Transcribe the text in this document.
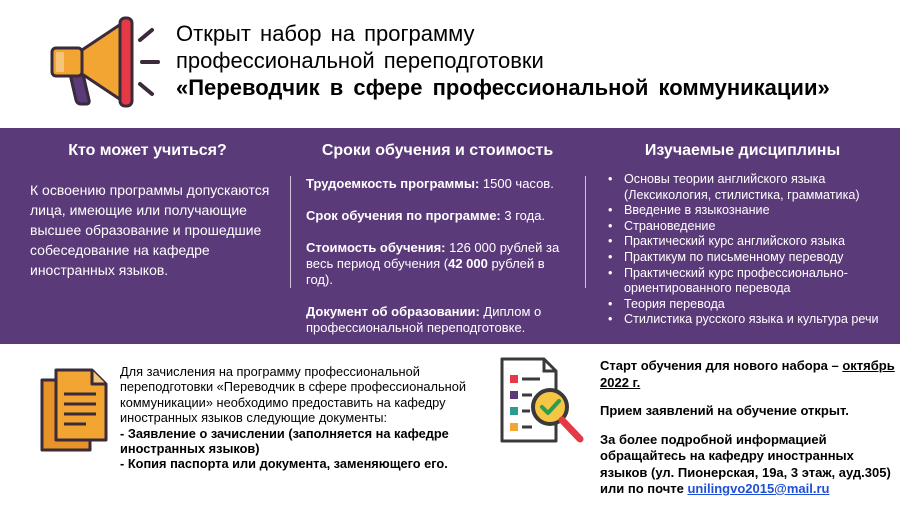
Открыт набор на программу
профессиональной переподготовки
«Переводчик в сфере профессиональной коммуникации»
Кто может учиться?	Сроки обучения и стоимость	Изучаемые дисциплины
К освоению программы допускаются лица, имеющие или получающие высшее образование и прошедшие собеседование на кафедре иностранных языков.

Трудоемкость программы: 1500 часов.

Срок обучения по программе: 3 года.

Стоимость обучения: 126 000 рублей за весь период обучения (42 000 рублей в год).

Документ об образовании: Диплом о профессиональной переподготовке.

• Основы теории английского языка (Лексикология, стилистика, грамматика)
• Введение в языкознание
• Страноведение
• Практический курс английского языка
• Практикум по письменному переводу
• Практический курс профессионально-ориентированного перевода
• Теория перевода
• Стилистика русского языка и культура речи
Для зачисления на программу профессиональной переподготовки «Переводчик в сфере профессиональной коммуникации» необходимо предоставить на кафедру иностранных языков следующие документы:
- Заявление о зачислении (заполняется на кафедре иностранных языков)
- Копия паспорта или документа, заменяющего его.

Старт обучения для нового набора – октябрь 2022 г.

Прием заявлений на обучение открыт.

За более подробной информацией обращайтесь на кафедру иностранных языков (ул. Пионерская, 19а, 3 этаж, ауд.305) или по почте unilingvo2015@mail.ru
